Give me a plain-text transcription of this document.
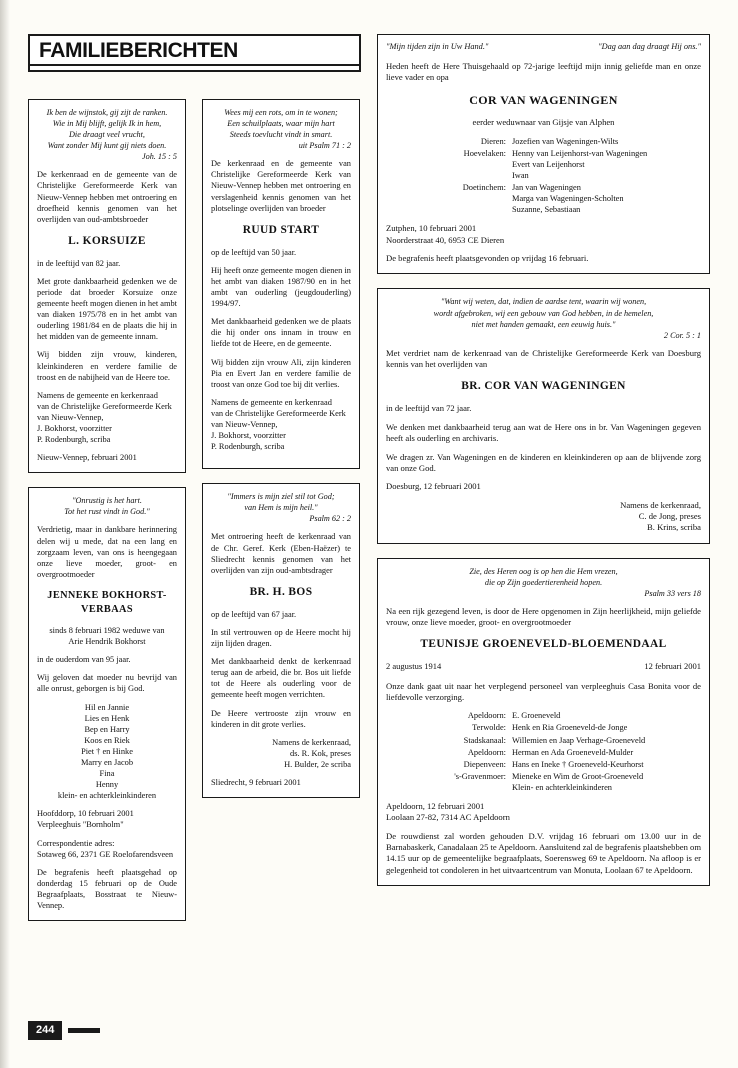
FAMILIEBERICHTEN
Ik ben de wijnstok, gij zijt de ranken.
Wie in Mij blijft, gelijk Ik in hem,
Die draagt veel vrucht,
Want zonder Mij kunt gij niets doen.
Joh. 15 : 5

De kerkenraad en de gemeente van de Christelijke Gereformeerde Kerk van Nieuw-Vennep hebben met ontroering en droefheid kennis genomen van het overlijden van oud-ambtsbroeder

L. KORSUIZE

in de leeftijd van 82 jaar.

Met grote dankbaarheid gedenken we de periode dat broeder Korsuize onze gemeente heeft mogen dienen in het ambt van diaken 1975/78 en in het ambt van ouderling 1981/84 en de plaats die hij in het midden van de gemeente innam.

Wij bidden zijn vrouw, kinderen, kleinkinderen en verdere familie de troost en de nabijheid van de Heere toe.

Namens de gemeente en kerkenraad
van de Christelijke Gereformeerde Kerk
van Nieuw-Vennep,
J. Bokhorst, voorzitter
P. Rodenburgh, scriba

Nieuw-Vennep, februari 2001

"Onrustig is het hart.
Tot het rust vindt in God."

Verdrietig, maar in dankbare herinnering delen wij u mede, dat na een lang en zorgzaam leven, van ons is heengegaan onze lieve moeder, groot- en overgrootmoeder

JENNEKE BOKHORST-VERBAAS
sinds 8 februari 1982 weduwe van
Arie Hendrik Bokhorst

in de ouderdom van 95 jaar.

Wij geloven dat moeder nu bevrijd van alle onrust, geborgen is bij God.

Hil en Jannie
Lies en Henk
Bep en Harry
Koos en Riek
Piet † en Hinke
Marry en Jacob
Fina
Henny
klein- en achterkleinkinderen
Hoofddorp, 10 februari 2001
Verpleeghuis "Bornholm"
Correspondentie adres:
Sotaweg 66, 2371 GE Roelofarendsveen

De begrafenis heeft plaatsgehad op donderdag 15 februari op de Oude Begraafplaats, Bosstraat te Nieuw-Vennep.

Wees mij een rots, om in te wonen;
Een schuilplaats, waar mijn hart
Steeds toevlucht vindt in smart.
uit Psalm 71 : 2

De kerkenraad en de gemeente van Christelijke Gereformeerde Kerk van Nieuw-Vennep hebben met ontroering en verslagenheid kennis genomen van het plotselinge overlijden van broeder

RUUD START

op de leeftijd van 50 jaar.

Hij heeft onze gemeente mogen dienen in het ambt van diaken 1987/90 en in het ambt van ouderling (jeugdouderling) 1994/97.

Met dankbaarheid gedenken we de plaats die hij onder ons innam in trouw en liefde tot de Heere, en de gemeente.

Wij bidden zijn vrouw Ali, zijn kinderen Pia en Evert Jan en verdere familie de troost van onze God toe bij dit verlies.

Namens de gemeente en kerkenraad
van de Christelijke Gereformeerde Kerk
van Nieuw-Vennep,
J. Bokhorst, voorzitter
P. Rodenburgh, scriba
"Immers is mijn ziel stil tot God;
van Hem is mijn heil."
Psalm 62 : 2

Met ontroering heeft de kerkenraad van de Chr. Geref. Kerk (Eben-Haëzer) te Sliedrecht kennis genomen van het overlijden van zijn oud-ambtsdrager

BR. H. BOS

op de leeftijd van 67 jaar.

In stil vertrouwen op de Heere mocht hij zijn lijden dragen.

Met dankbaarheid denkt de kerkenraad terug aan de arbeid, die br. Bos uit liefde tot de Heere als ouderling voor de gemeente heeft mogen verrichten.

De Heere vertrooste zijn vrouw en kinderen in dit grote verlies.

Namens de kerkenraad,
ds. R. Kok, preses
H. Bulder, 2e scriba

Sliedrecht, 9 februari 2001

"Mijn tijden zijn in Uw Hand."	"Dag aan dag draagt Hij ons."

Heden heeft de Here Thuisgehaald op 72-jarige leeftijd mijn innig geliefde man en onze lieve vader en opa

COR VAN WAGENINGEN

eerder weduwnaar van Gijsje van Alphen

Dieren:	Jozefien van Wageningen-Wilts

Hoevelaken:	Henny van Leijenhorst-van Wageningen
Evert van Leijenhorst
Iwan

Doetinchem:	Jan van Wageningen
Marga van Wageningen-Scholten
Suzanne, Sebastiaan
Zutphen, 10 februari 2001
Noorderstraat 40, 6953 CE Dieren

De begrafenis heeft plaatsgevonden op vrijdag 16 februari.

"Want wij weten, dat, indien de aardse tent, waarin wij wonen,
wordt afgebroken, wij een gebouw van God hebben, in de hemelen,
niet met handen gemaakt, een eeuwig huis."
2 Cor. 5 : 1

Met verdriet nam de kerkenraad van de Christelijke Gereformeerde Kerk van Doesburg kennis van het overlijden van

BR. COR VAN WAGENINGEN

in de leeftijd van 72 jaar.

We denken met dankbaarheid terug aan wat de Here ons in br. Van Wageningen gegeven heeft als ouderling en archivaris.

We dragen zr. Van Wageningen en de kinderen en kleinkinderen op aan de blijvende zorg van onze God.

Doesburg, 12 februari 2001

Namens de kerkenraad,
C. de Jong, preses
B. Krins, scriba
Zie, des Heren oog is op hen die Hem vrezen,
die op Zijn goedertierenheid hopen.
Psalm 33 vers 18

Na een rijk gezegend leven, is door de Here opgenomen in Zijn heerlijkheid, mijn geliefde vrouw, onze lieve moeder, groot- en overgrootmoeder

TEUNISJE GROENEVELD-BLOEMENDAAL
2 augustus 1914	12 februari 2001

Onze dank gaat uit naar het verplegend personeel van verpleeghuis Casa Bonita voor de liefdevolle verzorging.

Apeldoorn:	E. Groeneveld

Terwolde:	Henk en Ria Groeneveld-de Jonge

Stadskanaal:	Willemien en Jaap Verhage-Groeneveld

Apeldoorn:	Herman en Ada Groeneveld-Mulder

Diepenveen:	Hans en Ineke † Groeneveld-Keurhorst

's-Gravenmoer:	Mieneke en Wim de Groot-Groeneveld
Klein- en achterkleinkinderen
Apeldoorn, 12 februari 2001
Loolaan 27-82, 7314 AC Apeldoorn

De rouwdienst zal worden gehouden D.V. vrijdag 16 februari om 13.00 uur in de Barnabaskerk, Canadalaan 25 te Apeldoorn. Aansluitend zal de begrafenis plaatshebben om 14.15 uur op de gemeentelijke begraafplaats, Soerensweg 69 te Apeldoorn. Na afloop is er gelegenheid tot condoleren in het uitvaartcentrum van Monuta, Loolaan 67 te Apeldoorn.

244
